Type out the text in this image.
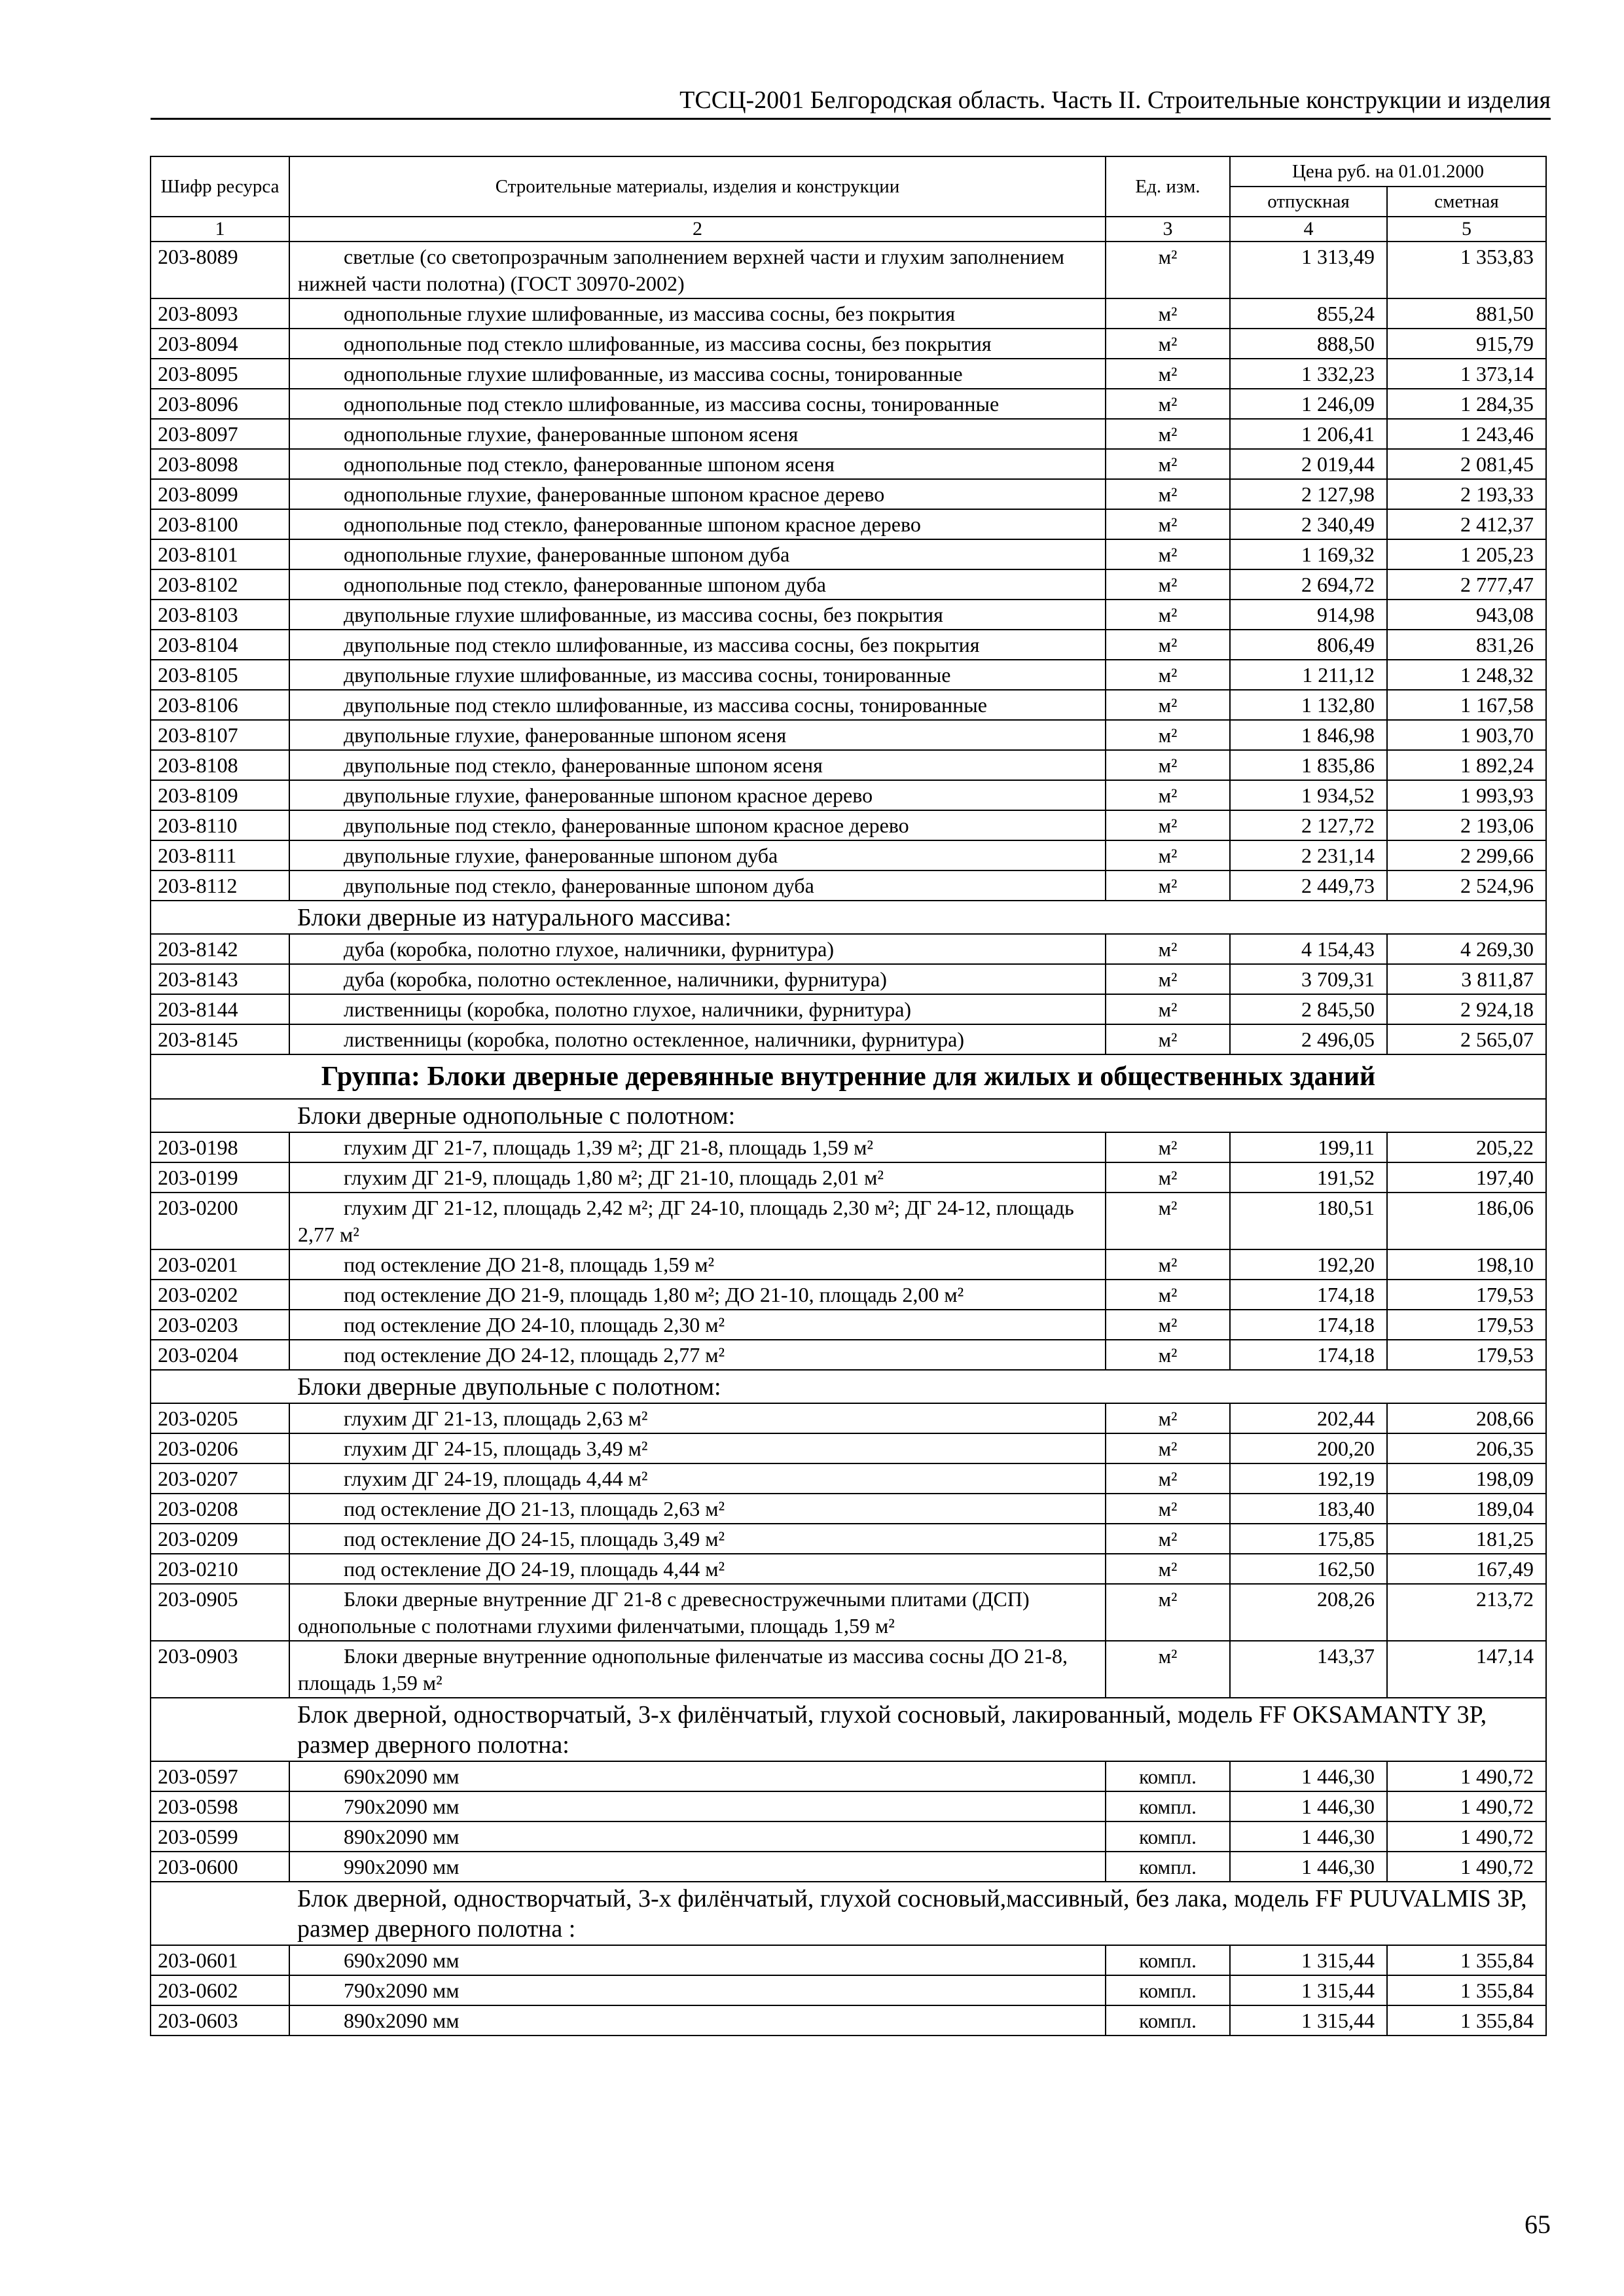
ТССЦ-2001 Белгородская область. Часть II. Строительные конструкции и изделия
Шифр ресурса	Строительные материалы, изделия и конструкции	Ед. изм.	Цена руб. на 01.01.2000	
			отпускная	сметная
1	2	3	4	5
203-8089	светлые (со светопрозрачным заполнением верхней части и глухим заполнением нижней части полотна) (ГОСТ 30970-2002)	м²	1 313,49	1 353,83
203-8093	однопольные глухие шлифованные, из массива сосны, без покрытия	м²	855,24	881,50
203-8094	однопольные под стекло шлифованные, из массива сосны, без покрытия	м²	888,50	915,79
203-8095	однопольные глухие шлифованные, из массива сосны, тонированные	м²	1 332,23	1 373,14
203-8096	однопольные под стекло шлифованные, из массива сосны, тонированные	м²	1 246,09	1 284,35
203-8097	однопольные глухие, фанерованные шпоном ясеня	м²	1 206,41	1 243,46
203-8098	однопольные под стекло, фанерованные шпоном ясеня	м²	2 019,44	2 081,45
203-8099	однопольные глухие, фанерованные шпоном красное дерево	м²	2 127,98	2 193,33
203-8100	однопольные под стекло, фанерованные шпоном красное дерево	м²	2 340,49	2 412,37
203-8101	однопольные глухие, фанерованные шпоном дуба	м²	1 169,32	1 205,23
203-8102	однопольные под стекло, фанерованные шпоном дуба	м²	2 694,72	2 777,47
203-8103	двупольные глухие шлифованные, из массива сосны, без покрытия	м²	914,98	943,08
203-8104	двупольные под стекло шлифованные, из массива сосны, без покрытия	м²	806,49	831,26
203-8105	двупольные глухие шлифованные, из массива сосны, тонированные	м²	1 211,12	1 248,32
203-8106	двупольные под стекло шлифованные, из массива сосны, тонированные	м²	1 132,80	1 167,58
203-8107	двупольные глухие, фанерованные шпоном ясеня	м²	1 846,98	1 903,70
203-8108	двупольные под стекло, фанерованные шпоном ясеня	м²	1 835,86	1 892,24
203-8109	двупольные глухие, фанерованные шпоном красное дерево	м²	1 934,52	1 993,93
203-8110	двупольные под стекло, фанерованные шпоном красное дерево	м²	2 127,72	2 193,06
203-8111	двупольные глухие, фанерованные шпоном дуба	м²	2 231,14	2 299,66
203-8112	двупольные под стекло, фанерованные шпоном дуба	м²	2 449,73	2 524,96
	Блоки дверные из натурального массива:			
203-8142	дуба (коробка, полотно глухое, наличники, фурнитура)	м²	4 154,43	4 269,30
203-8143	дуба (коробка, полотно остекленное, наличники, фурнитура)	м²	3 709,31	3 811,87
203-8144	лиственницы (коробка, полотно глухое, наличники, фурнитура)	м²	2 845,50	2 924,18
203-8145	лиственницы (коробка, полотно остекленное, наличники, фурнитура)	м²	2 496,05	2 565,07
Группа: Блоки дверные деревянные внутренние для жилых и общественных зданий				
	Блоки дверные однопольные с полотном:			
203-0198	глухим ДГ 21-7, площадь 1,39 м²; ДГ 21-8, площадь 1,59 м²	м²	199,11	205,22
203-0199	глухим ДГ 21-9, площадь 1,80 м²; ДГ 21-10, площадь 2,01 м²	м²	191,52	197,40
203-0200	глухим ДГ 21-12, площадь 2,42 м²; ДГ 24-10, площадь 2,30 м²; ДГ 24-12, площадь 2,77 м²	м²	180,51	186,06
203-0201	под остекление ДО 21-8, площадь 1,59 м²	м²	192,20	198,10
203-0202	под остекление ДО 21-9, площадь 1,80 м²; ДО 21-10, площадь 2,00 м²	м²	174,18	179,53
203-0203	под остекление ДО 24-10, площадь 2,30 м²	м²	174,18	179,53
203-0204	под остекление ДО 24-12, площадь 2,77 м²	м²	174,18	179,53
	Блоки дверные двупольные с полотном:			
203-0205	глухим ДГ 21-13, площадь 2,63 м²	м²	202,44	208,66
203-0206	глухим ДГ 24-15, площадь 3,49 м²	м²	200,20	206,35
203-0207	глухим ДГ 24-19, площадь 4,44 м²	м²	192,19	198,09
203-0208	под остекление ДО 21-13, площадь 2,63 м²	м²	183,40	189,04
203-0209	под остекление ДО 24-15, площадь 3,49 м²	м²	175,85	181,25
203-0210	под остекление ДО 24-19, площадь 4,44 м²	м²	162,50	167,49
203-0905	Блоки дверные внутренние ДГ 21-8 с древесностружечными плитами (ДСП) однопольные с полотнами глухими филенчатыми, площадь 1,59 м²	м²	208,26	213,72
203-0903	Блоки дверные внутренние однопольные филенчатые из массива сосны ДО 21-8, площадь 1,59 м²	м²	143,37	147,14
	Блок дверной, одностворчатый, 3-х филёнчатый, глухой сосновый, лакированный, модель FF OKSAMANTY 3P, размер дверного полотна:			
203-0597	690х2090 мм	компл.	1 446,30	1 490,72
203-0598	790х2090 мм	компл.	1 446,30	1 490,72
203-0599	890х2090 мм	компл.	1 446,30	1 490,72
203-0600	990х2090 мм	компл.	1 446,30	1 490,72
	Блок дверной, одностворчатый, 3-х филёнчатый, глухой сосновый,массивный, без лака, модель FF PUUVALMIS 3P, размер дверного полотна :			
203-0601	690х2090 мм	компл.	1 315,44	1 355,84
203-0602	790х2090 мм	компл.	1 315,44	1 355,84
203-0603	890х2090 мм	компл.	1 315,44	1 355,84
65
